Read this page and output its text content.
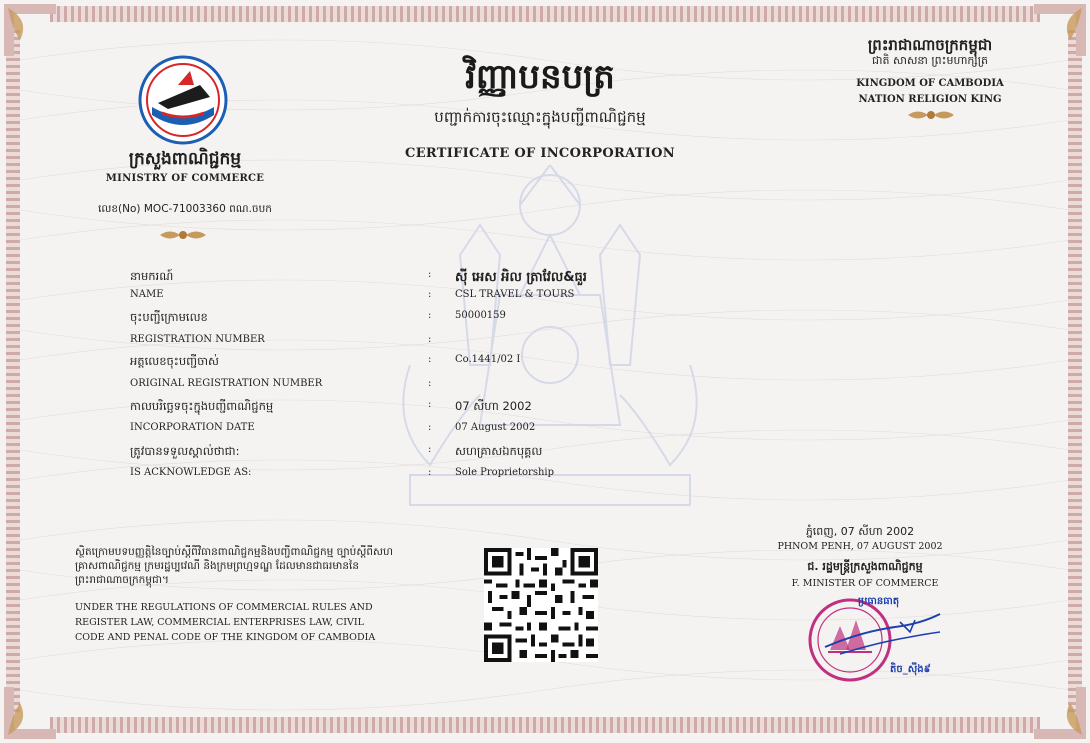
ក្រសួងពាណិជ្ជកម្ម
MINISTRY OF COMMERCE
លេខ(No) MOC-71003360 ពណ.ចបក
វិញ្ញាបនបត្រ
បញ្ជាក់ការចុះឈ្មោះក្នុងបញ្ជីពាណិជ្ជកម្ម
CERTIFICATE OF INCORPORATION
ព្រះរាជាណាចក្រកម្ពុជា
ជាតិ សាសនា ព្រះមហាក្សត្រ
KINGDOM OF CAMBODIA
NATION RELIGION KING
នាមករណ៍	: ស៊ី អេស អិល ត្រាវែល&ធួរ
NAME	: CSL TRAVEL & TOURS
ចុះបញ្ជីក្រោមលេខ	: 50000159
REGISTRATION NUMBER	:
អត្តលេខចុះបញ្ជីចាស់	: Co.1441/02 I
ORIGINAL REGISTRATION NUMBER	:
កាលបរិច្ឆេទចុះក្នុងបញ្ជីពាណិជ្ជកម្ម	: 07 សីហា 2002
INCORPORATION DATE	: 07 August 2002
ត្រូវបានទទួលស្គាល់ថាជា:	: សហគ្រាសឯកបុគ្គល
IS ACKNOWLEDGE AS:	: Sole Proprietorship
ស្ថិតក្រោមបទបញ្ញត្តិនៃច្បាប់ស្តីពីវិធានពាណិជ្ជកម្មនិងបញ្ជីពាណិជ្ជកម្ម ច្បាប់ស្តីពីសហគ្រាសពាណិជ្ជកម្ម ក្រមរដ្ឋប្បវេណី និងក្រមព្រហ្មទណ្ឌ ដែលមានជាធរមាននៃព្រះរាជាណាចក្រកម្ពុជា។
UNDER THE REGULATIONS OF COMMERCIAL RULES AND
REGISTER LAW, COMMERCIAL ENTERPRISES LAW, CIVIL
CODE AND PENAL CODE OF THE KINGDOM OF CAMBODIA
ភ្នំពេញ, 07 សីហា 2002
PHNOM PENH, 07 AUGUST 2002
ជ. រដ្ឋមន្ត្រីក្រសួងពាណិជ្ជកម្ម
F. MINISTER OF COMMERCE
ប្រធានធាតុ
តិច_ស៊ីង៩
